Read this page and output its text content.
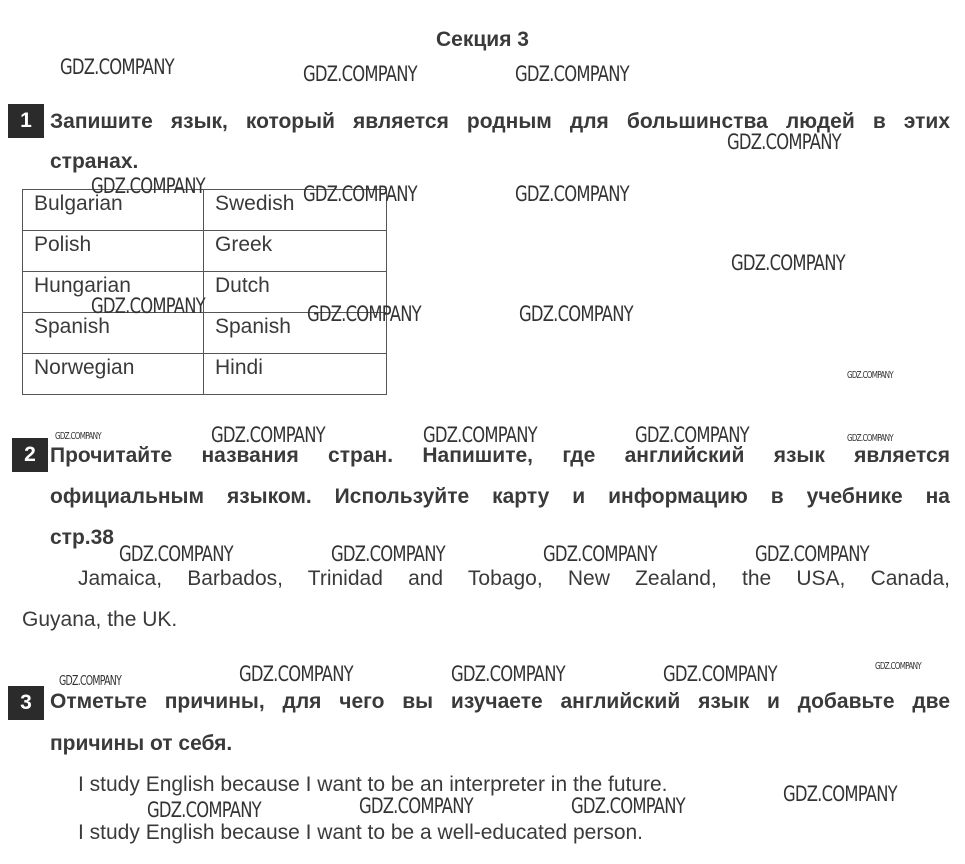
Секция 3
1 Запишите язык, который является родным для большинства людей в этих
странах.
Bulgarian	Swedish
Polish	Greek
Hungarian	Dutch
Spanish	Spanish
Norwegian	Hindi
2 Прочитайте названия стран. Напишите, где английский язык является
официальным языком. Используйте карту и информацию в учебнике на
стр.38
Jamaica, Barbados, Trinidad and Tobago, New Zealand, the USA, Canada,
Guyana, the UK.
3 Отметьте причины, для чего вы изучаете английский язык и добавьте две
причины от себя.
I study English because I want to be an interpreter in the future.
I study English because I want to be a well-educated person.
GDZ.COMPANY	GDZ.COMPANY	GDZ.COMPANY
GDZ.COMPANY
GDZ.COMPANY	GDZ.COMPANY	GDZ.COMPANY
GDZ.COMPANY
GDZ.COMPANY	GDZ.COMPANY	GDZ.COMPANY
GDZ.COMPANY
GDZ.COMPANY	GDZ.COMPANY	GDZ.COMPANY	GDZ.COMPANY	GDZ.COMPANY
GDZ.COMPANY	GDZ.COMPANY	GDZ.COMPANY	GDZ.COMPANY
GDZ.COMPANY	GDZ.COMPANY	GDZ.COMPANY	GDZ.COMPANY	GDZ.COMPANY
GDZ.COMPANY
GDZ.COMPANY	GDZ.COMPANY	GDZ.COMPANY
